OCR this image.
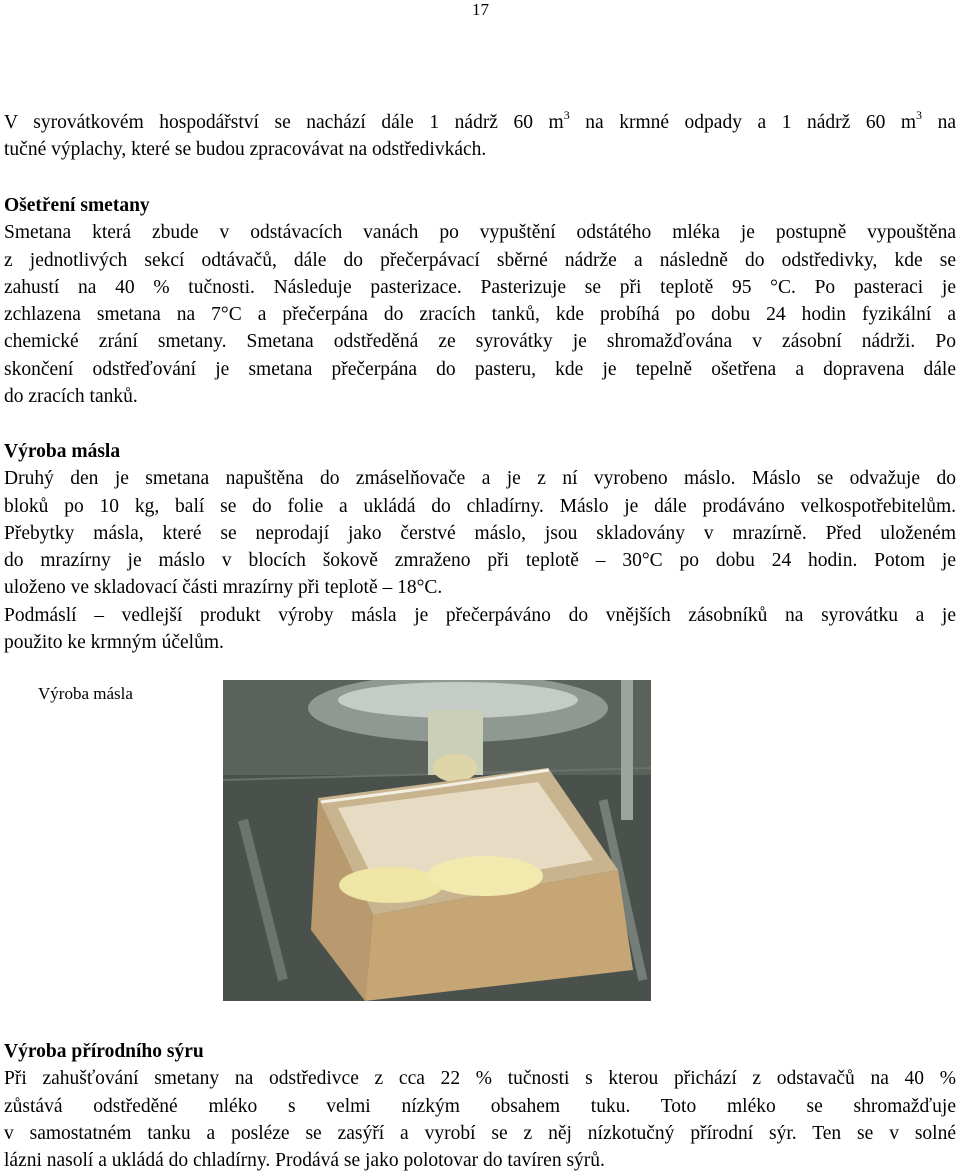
17
V syrovátkovém hospodářství se nachází dále 1 nádrž 60 $m^3$ na krmné odpady a 1 nádrž 60 $m^3$ na
tučné výplachy, které se budou zpracovávat na odstředivkách.
Ošetření smetany
Smetana která zbude v odstávacích vanách po vypuštění odstátého mléka je postupně vypouštěna
z jednotlivých sekcí odtávačů, dále do přečerpávací sběrné nádrže a následně do odstředivky, kde se
zahustí na 40 % tučnosti. Následuje pasterizace. Pasterizuje se při teplotě 95 °C. Po pasteraci je
zchlazena smetana na 7°C a přečerpána do zracích tanků, kde probíhá po dobu 24 hodin fyzikální a
chemické zrání smetany. Smetana odstředěná ze syrovátky je shromažďována v zásobní nádrži. Po
skončení odstřeďování je smetana přečerpána do pasteru, kde je tepelně ošetřena a dopravena dále
do zracích tanků.
Výroba másla
Druhý den je smetana napuštěna do zmáselňovače a je z ní vyrobeno máslo. Máslo se odvažuje do
bloků po 10 kg, balí se do folie a ukládá do chladírny. Máslo je dále prodáváno velkospotřebitelům.
Přebytky másla, které se neprodají jako čerstvé máslo, jsou skladovány v mrazírně. Před uloženém
do mrazírny je máslo v blocích šokově zmraženo při teplotě – 30°C po dobu 24 hodin. Potom je
uloženo ve skladovací části mrazírny při teplotě – 18°C.
Podmáslí – vedlejší produkt výroby másla je přečerpáváno do vnějších zásobníků na syrovátku a je
použito ke krmným účelům.
Výroba másla
Výroba přírodního sýru
Při zahušťování smetany na odstředivce z cca 22 % tučnosti s kterou přichází z odstavačů na 40 %
zůstává odstředěné mléko s velmi nízkým obsahem tuku. Toto mléko se shromažďuje
v samostatném tanku a posléze se zasýří a vyrobí se z něj nízkotučný přírodní sýr. Ten se v solné
lázni nasolí a ukládá do chladírny. Prodává se jako polotovar do tavíren sýrů.
